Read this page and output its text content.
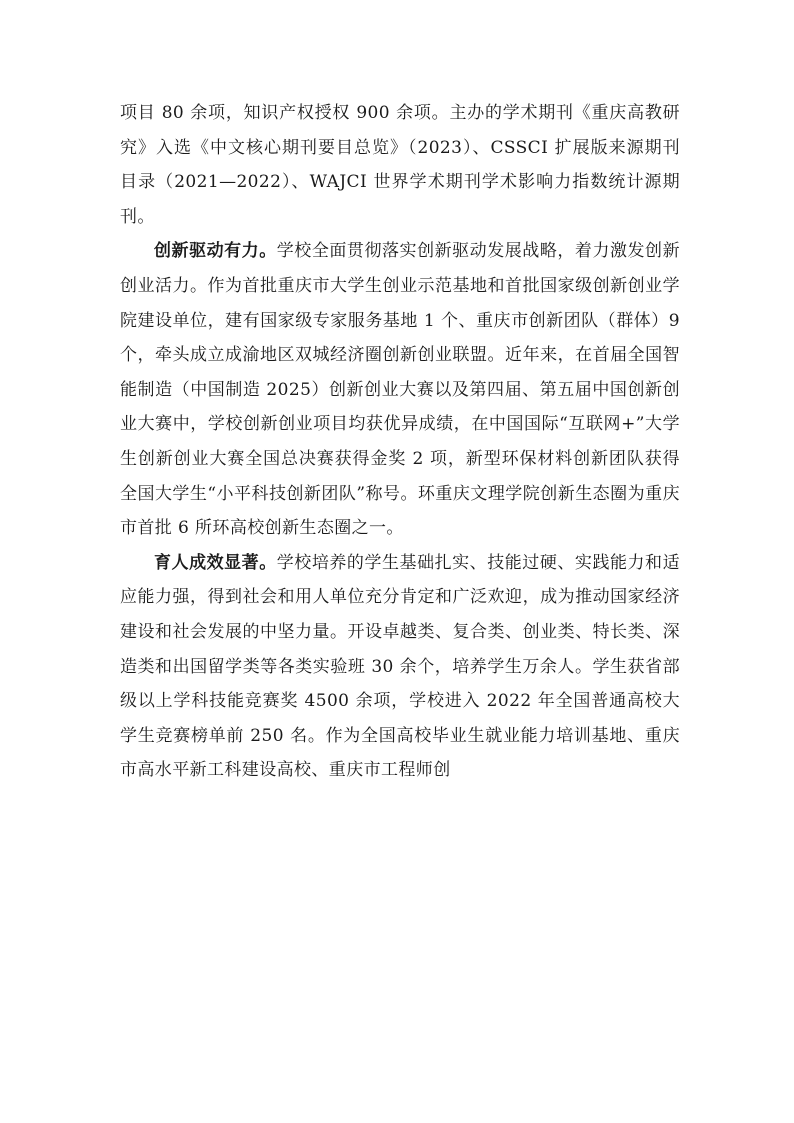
项目 80 余项，知识产权授权 900 余项。主办的学术期刊《重庆高教研究》入选《中文核心期刊要目总览》（2023）、CSSCI 扩展版来源期刊目录（2021—2022）、WAJCI 世界学术期刊学术影响力指数统计源期刊。

创新驱动有力。学校全面贯彻落实创新驱动发展战略，着力激发创新创业活力。作为首批重庆市大学生创业示范基地和首批国家级创新创业学院建设单位，建有国家级专家服务基地 1 个、重庆市创新团队（群体）9 个，牵头成立成渝地区双城经济圈创新创业联盟。近年来，在首届全国智能制造（中国制造 2025）创新创业大赛以及第四届、第五届中国创新创业大赛中，学校创新创业项目均获优异成绩，在中国国际“互联网+”大学生创新创业大赛全国总决赛获得金奖 2 项，新型环保材料创新团队获得全国大学生“小平科技创新团队”称号。环重庆文理学院创新生态圈为重庆市首批 6 所环高校创新生态圈之一。

育人成效显著。学校培养的学生基础扎实、技能过硬、实践能力和适应能力强，得到社会和用人单位充分肯定和广泛欢迎，成为推动国家经济建设和社会发展的中坚力量。开设卓越类、复合类、创业类、特长类、深造类和出国留学类等各类实验班 30 余个，培养学生万余人。学生获省部级以上学科技能竞赛奖 4500 余项，学校进入 2022 年全国普通高校大学生竞赛榜单前 250 名。作为全国高校毕业生就业能力培训基地、重庆市高水平新工科建设高校、重庆市工程师创
